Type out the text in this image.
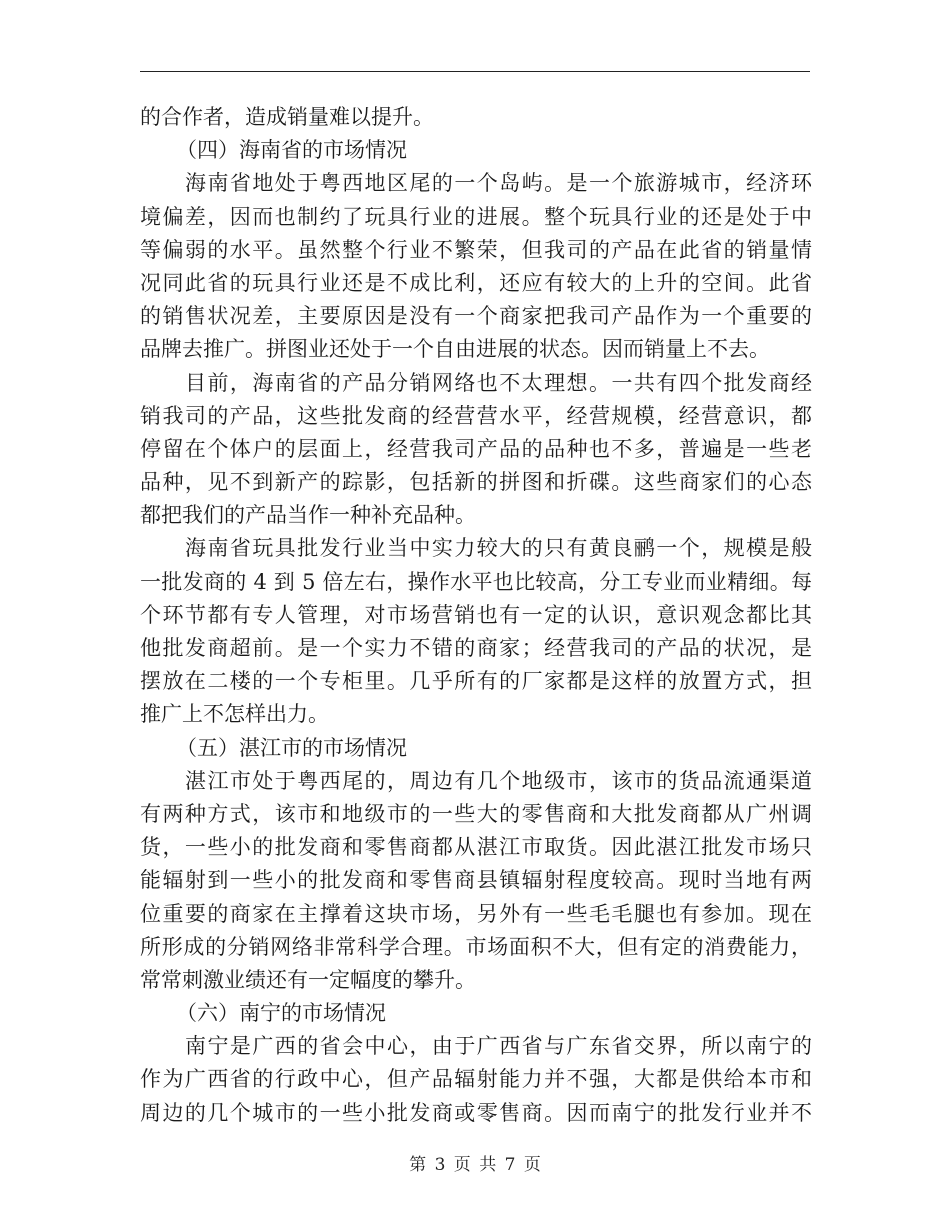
的合作者，造成销量难以提升。
（四）海南省的市场情况
海南省地处于粤西地区尾的一个岛屿。是一个旅游城市，经济环
境偏差，因而也制约了玩具行业的进展。整个玩具行业的还是处于中
等偏弱的水平。虽然整个行业不繁荣，但我司的产品在此省的销量情
况同此省的玩具行业还是不成比利，还应有较大的上升的空间。此省
的销售状况差，主要原因是没有一个商家把我司产品作为一个重要的
品牌去推广。拼图业还处于一个自由进展的状态。因而销量上不去。
目前，海南省的产品分销网络也不太理想。一共有四个批发商经
销我司的产品，这些批发商的经营营水平，经营规模，经营意识，都
停留在个体户的层面上，经营我司产品的品种也不多，普遍是一些老
品种，见不到新产的踪影，包括新的拼图和折碟。这些商家们的心态
都把我们的产品当作一种补充品种。
海南省玩具批发行业当中实力较大的只有黄良鹂一个，规模是般
一批发商的 4 到 5 倍左右，操作水平也比较高，分工专业而业精细。每
个环节都有专人管理，对市场营销也有一定的认识，意识观念都比其
他批发商超前。是一个实力不错的商家；经营我司的产品的状况，是
摆放在二楼的一个专柜里。几乎所有的厂家都是这样的放置方式，担
推广上不怎样出力。
（五）湛江市的市场情况
湛江市处于粤西尾的，周边有几个地级市，该市的货品流通渠道
有两种方式，该市和地级市的一些大的零售商和大批发商都从广州调
货，一些小的批发商和零售商都从湛江市取货。因此湛江批发市场只
能辐射到一些小的批发商和零售商县镇辐射程度较高。现时当地有两
位重要的商家在主撑着这块市场，另外有一些毛毛腿也有参加。现在
所形成的分销网络非常科学合理。市场面积不大，但有定的消费能力，
常常刺激业绩还有一定幅度的攀升。
（六）南宁的市场情况
南宁是广西的省会中心，由于广西省与广东省交界，所以南宁的
作为广西省的行政中心，但产品辐射能力并不强，大都是供给本市和
周边的几个城市的一些小批发商或零售商。因而南宁的批发行业并不
第 3 页 共 7 页
